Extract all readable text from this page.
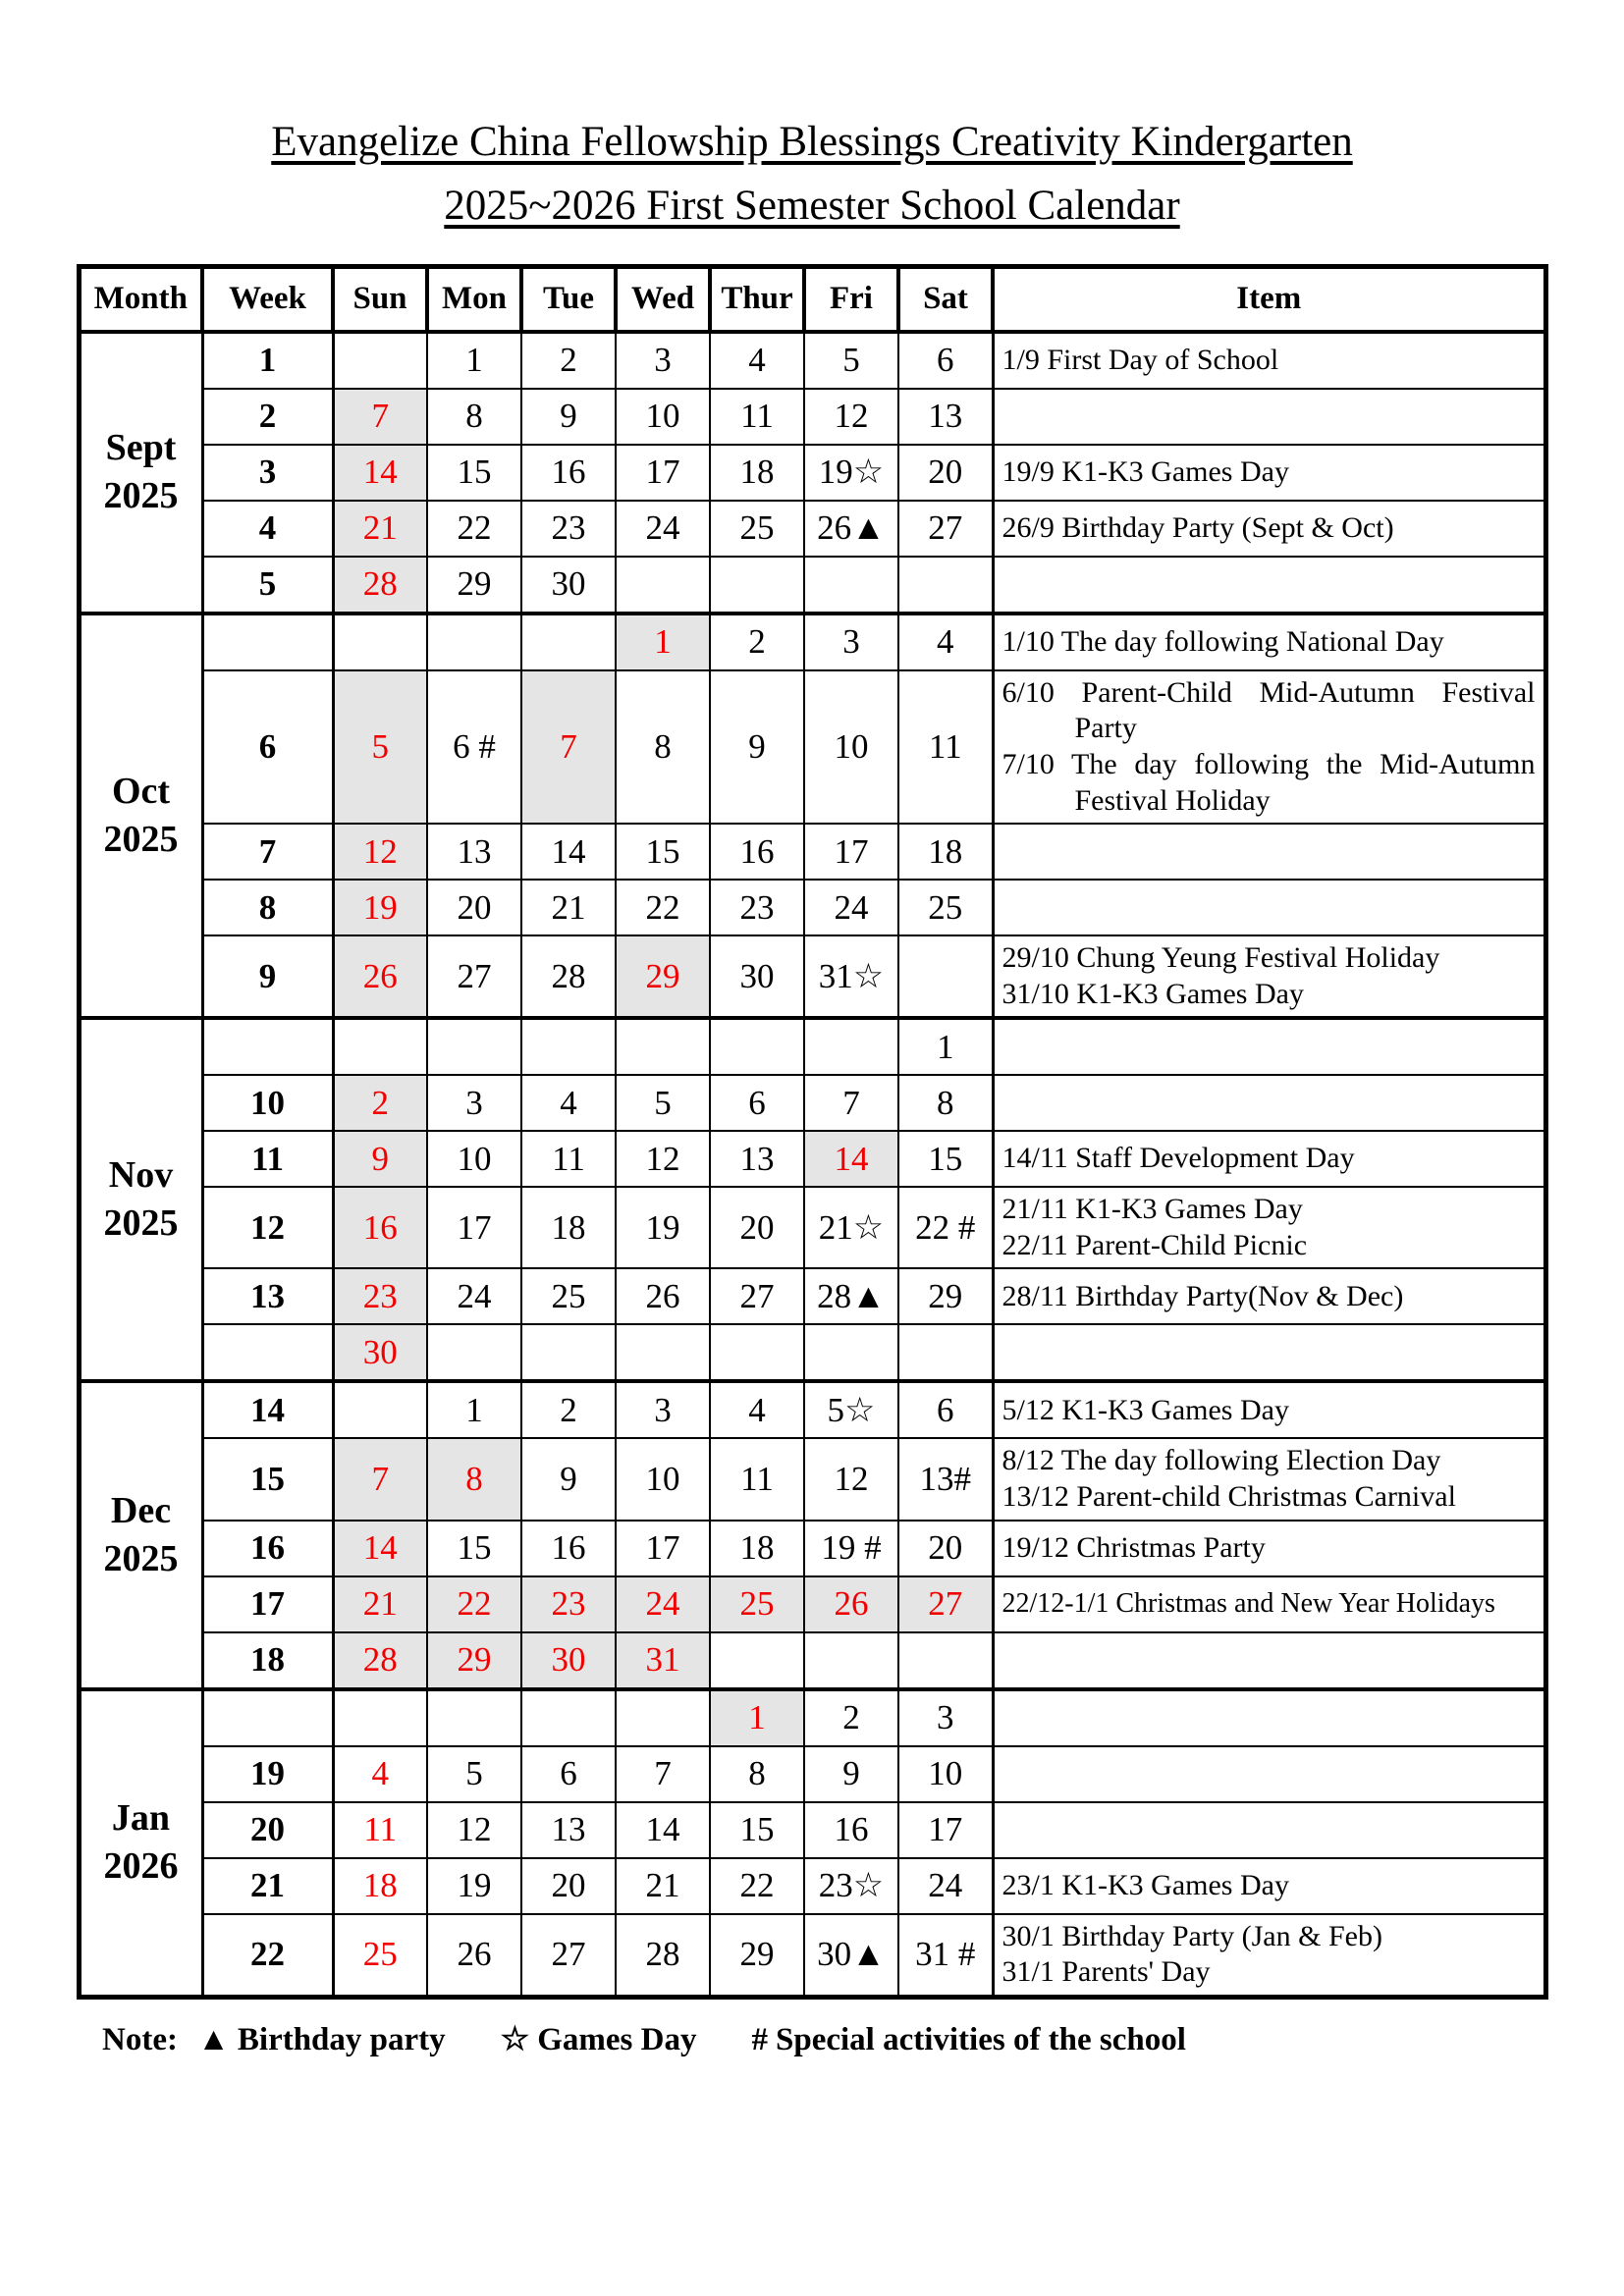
Evangelize China Fellowship Blessings Creativity Kindergarten
2025~2026 First Semester School Calendar
Month	Week	Sun	Mon	Tue	Wed	Thur	Fri	Sat	Item

Sept
2025	1		1	2	3	4	5	6	1/9 First Day of School

	2	7	8	9	10	11	12	13	
	3	14	15	16	17	18	19☆	20	19/9 K1-K3 Games Day

	4	21	22	23	24	25	26▲	27	26/9 Birthday Party (Sept & Oct)

	5	28	29	30					

Oct
2025					1	2	3	4	1/10 The day following National Day

	6	5	6 #	7	8	9	10	11	6/10 Parent-Child Mid-Autumn Festival Party
7/10 The day following the Mid-Autumn Festival Holiday

	7	12	13	14	15	16	17	18	
	8	19	20	21	22	23	24	25	
	9	26	27	28	29	30	31☆		29/10 Chung Yeung Festival Holiday
31/10 K1-K3 Games Day

Nov
2025								1	
	10	2	3	4	5	6	7	8	
	11	9	10	11	12	13	14	15	14/11 Staff Development Day

	12	16	17	18	19	20	21☆	22 #	21/11 K1-K3 Games Day
22/11 Parent-Child Picnic

	13	23	24	25	26	27	28▲	29	28/11 Birthday Party(Nov & Dec)

		30							

Dec
2025	14		1	2	3	4	5☆	6	5/12 K1-K3 Games Day

	15	7	8	9	10	11	12	13#	8/12 The day following Election Day
13/12 Parent-child Christmas Carnival

	16	14	15	16	17	18	19 #	20	19/12 Christmas Party

	17	21	22	23	24	25	26	27	22/12-1/1 Christmas and New Year Holidays

	18	28	29	30	31				

Jan
2026						1	2	3	
	19	4	5	6	7	8	9	10	
	20	11	12	13	14	15	16	17	
	21	18	19	20	21	22	23☆	24	23/1 K1-K3 Games Day

	22	25	26	27	28	29	30▲	31 #	30/1 Birthday Party (Jan & Feb)
31/1 Parents' Day
Note: ▲ Birthday party ☆ Games Day # Special activities of the school
